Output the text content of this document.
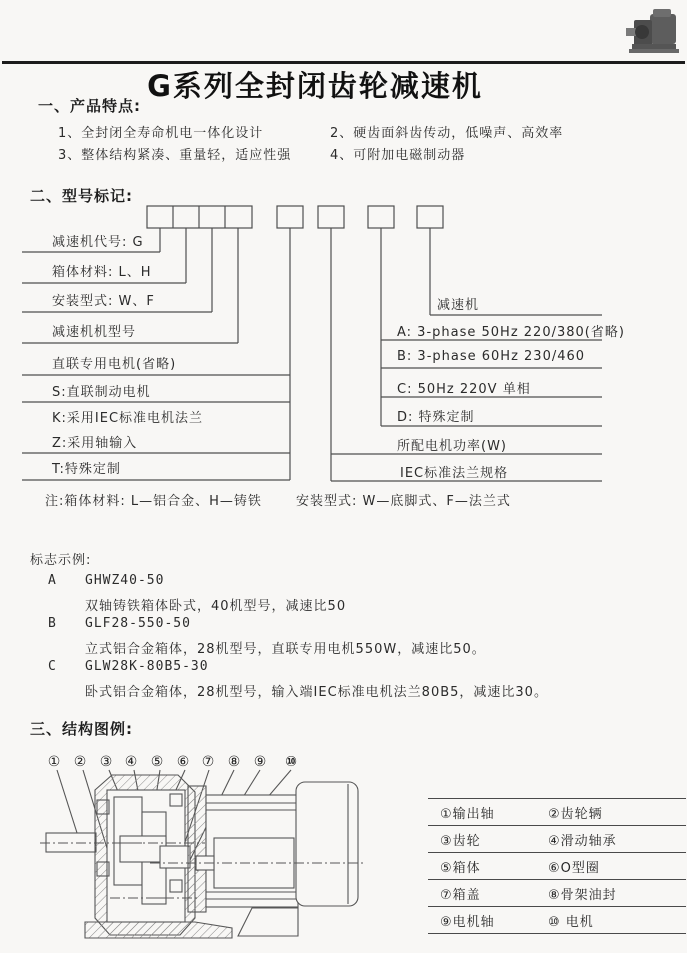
G系列全封闭齿轮减速机
一、产品特点:
1、全封闭全寿命机电一体化设计	2、硬齿面斜齿传动，低噪声、高效率
3、整体结构紧凑、重量轻，适应性强	4、可附加电磁制动器
二、型号标记:
减速机代号: G
箱体材料: L、H
安装型式: W、F
减速机机型号
直联专用电机(省略)
S:直联制动电机
K:采用IEC标准电机法兰
Z:采用轴输入
T:特殊定制
减速机
A: 3-phase 50Hz 220/380(省略)
B: 3-phase 60Hz 230/460
C: 50Hz 220V 单相
D: 特殊定制
所配电机功率(W)
IEC标准法兰规格
注:箱体材料: L—铝合金、H—铸铁	安装型式: W—底脚式、F—法兰式
标志示例:
A GHWZ40-50
双轴铸铁箱体卧式，40机型号，减速比50
B GLF28-550-50
立式铝合金箱体，28机型号，直联专用电机550W，减速比50。
C GLW28K-80B5-30
卧式铝合金箱体，28机型号，输入端IEC标准电机法兰80B5，减速比30。
三、结构图例:
① ② ③ ④ ⑤ ⑥ ⑦ ⑧ ⑨ ⑩
①输出轴	②齿轮辆
③齿轮	④滑动轴承
⑤箱体	⑥O型圈
⑦箱盖	⑧骨架油封
⑨电机轴	⑩ 电机
